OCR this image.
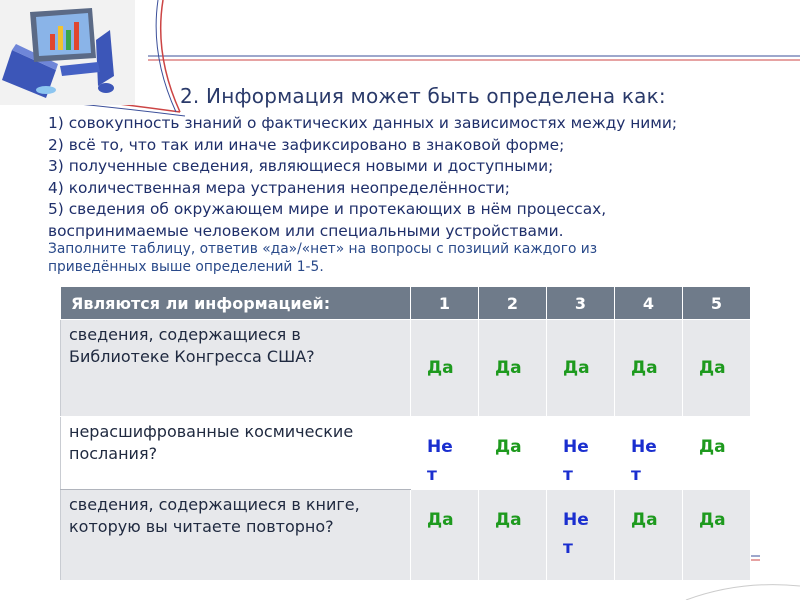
2. Информация может быть определена как:
1) совокупность знаний о фактических данных и зависимостях между ними;
2) всё то, что так или иначе зафиксировано в знаковой форме;
3) полученные сведения, являющиеся новыми и доступными;
4) количественная мера устранения неопределённости;
5) сведения об окружающем мире и протекающих в нём процессах, воспринимаемые человеком или специальными устройствами.
Заполните таблицу, ответив «да»/«нет» на вопросы с позиций каждого из приведённых выше определений 1-5.
Являются ли информацией:	1	2	3	4	5
сведения, содержащиеся в Библиотеке Конгресса США?	Да	Да	Да	Да	Да

нерасшифрованные космические послания?	Нет	Да	Нет	Нет	Да

сведения, содержащиеся в книге, которую вы читаете повторно?	Да	Да	Нет	Да	Да
